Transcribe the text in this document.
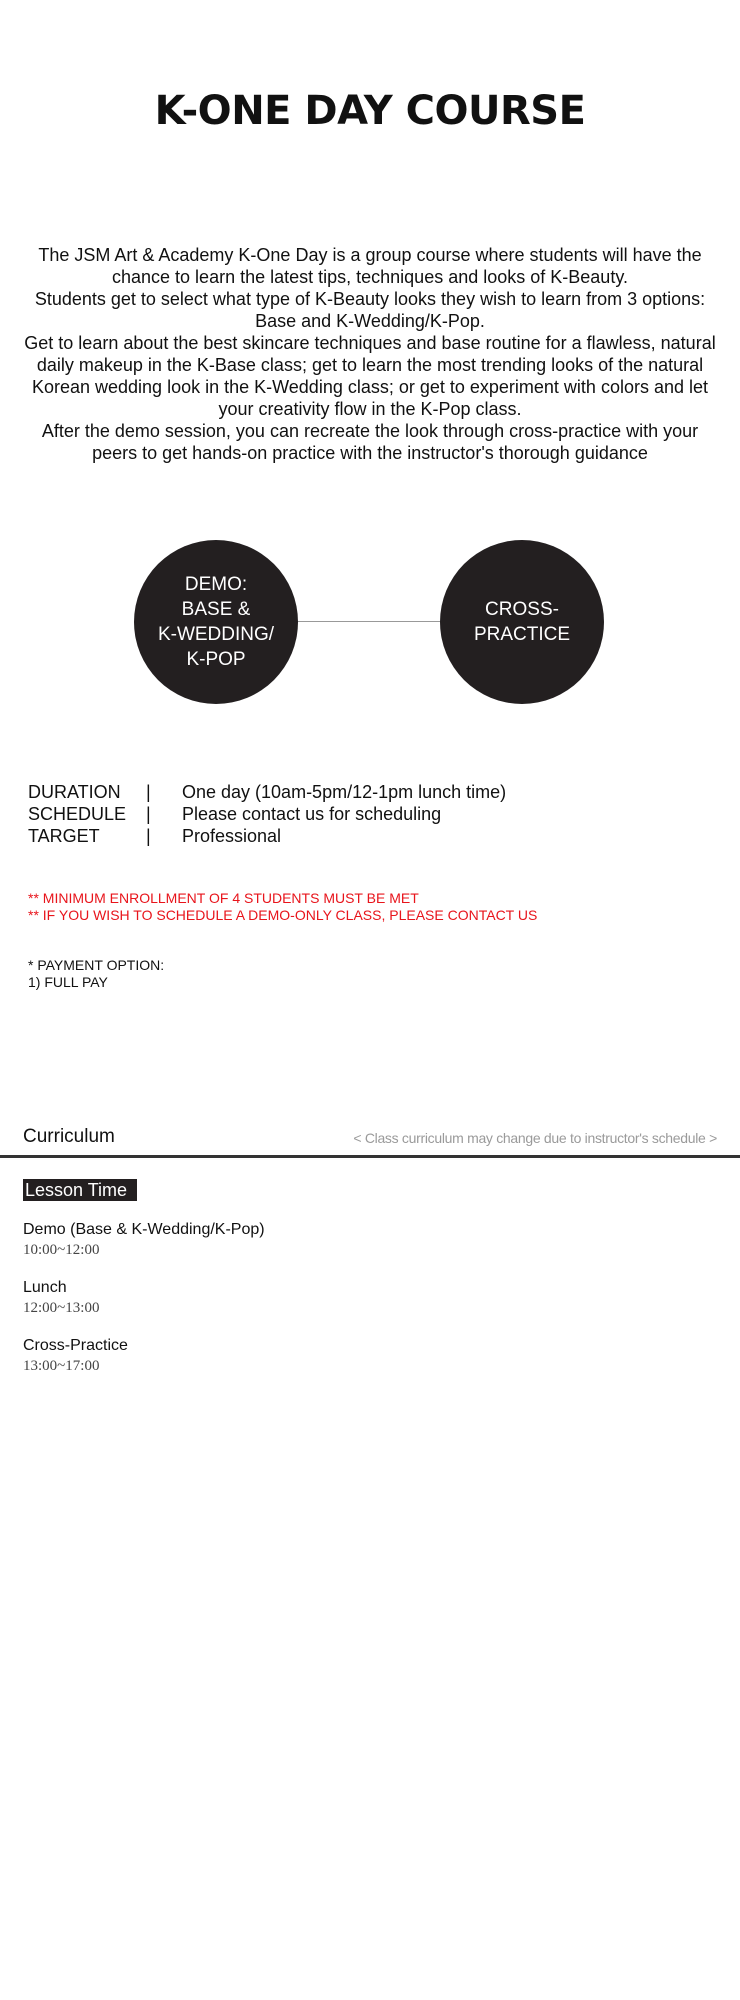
K-ONE DAY COURSE

The JSM Art & Academy K-One Day is a group course where students will have the chance to learn the latest tips, techniques and looks of K-Beauty.

Students get to select what type of K-Beauty looks they wish to learn from 3 options: Base and K-Wedding/K-Pop.

Get to learn about the best skincare techniques and base routine for a flawless, natural daily makeup in the K-Base class; get to learn the most trending looks of the natural Korean wedding look in the K-Wedding class; or get to experiment with colors and let your creativity flow in the K-Pop class.

After the demo session, you can recreate the look through cross-practice with your peers to get hands-on practice with the instructor's thorough guidance

DEMO:
BASE &
K-WEDDING/
K-POP
CROSS-
PRACTICE
DURATION	|	One day (10am-5pm/12-1pm lunch time)
SCHEDULE	|	Please contact us for scheduling
TARGET	|	Professional
** MINIMUM ENROLLMENT OF 4 STUDENTS MUST BE MET
** IF YOU WISH TO SCHEDULE A DEMO-ONLY CLASS, PLEASE CONTACT US
* PAYMENT OPTION:
1) FULL PAY
Curriculum	< Class curriculum may change due to instructor's schedule >
Lesson Time
Demo (Base & K-Wedding/K-Pop)
10:00~12:00
Lunch
12:00~13:00
Cross-Practice
13:00~17:00
